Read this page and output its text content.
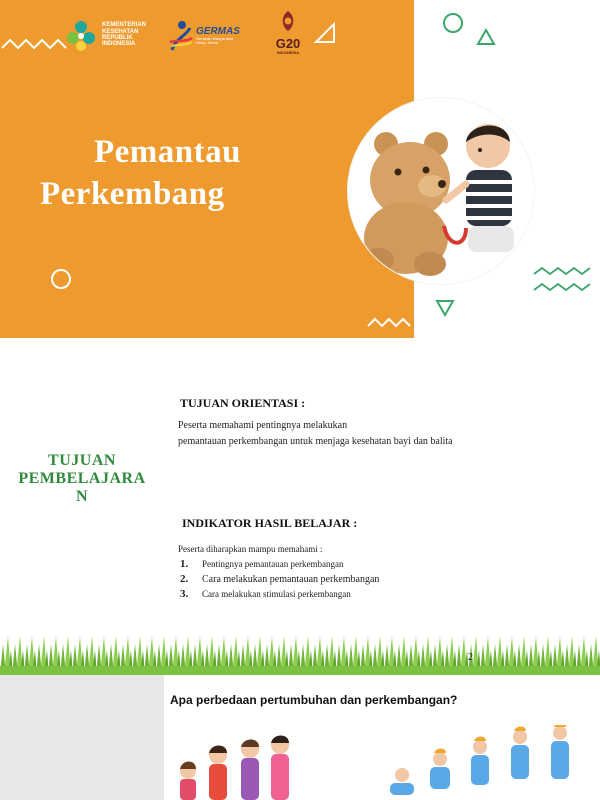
KEMENTERIAN
KESEHATAN
REPUBLIK
INDONESIA
GERMAS
Gerakan Masyarakat Hidup Sehat	G20
INDONESIA
Pemantau
Perkembang
TUJUAN PEMBELAJARA N
TUJUAN ORIENTASI :
Peserta memahami pentingnya melakukan
pemantauan perkembangan untuk menjaga kesehatan bayi dan balita
INDIKATOR HASIL BELAJAR :
Peserta diharapkan mampu memahami :
1. Pentingnya pemantauan perkembangan
2. Cara melakukan pemantauan perkembangan
3. Cara melakukan stimulasi perkembangan
2
Apa perbedaan pertumbuhan dan perkembangan?
